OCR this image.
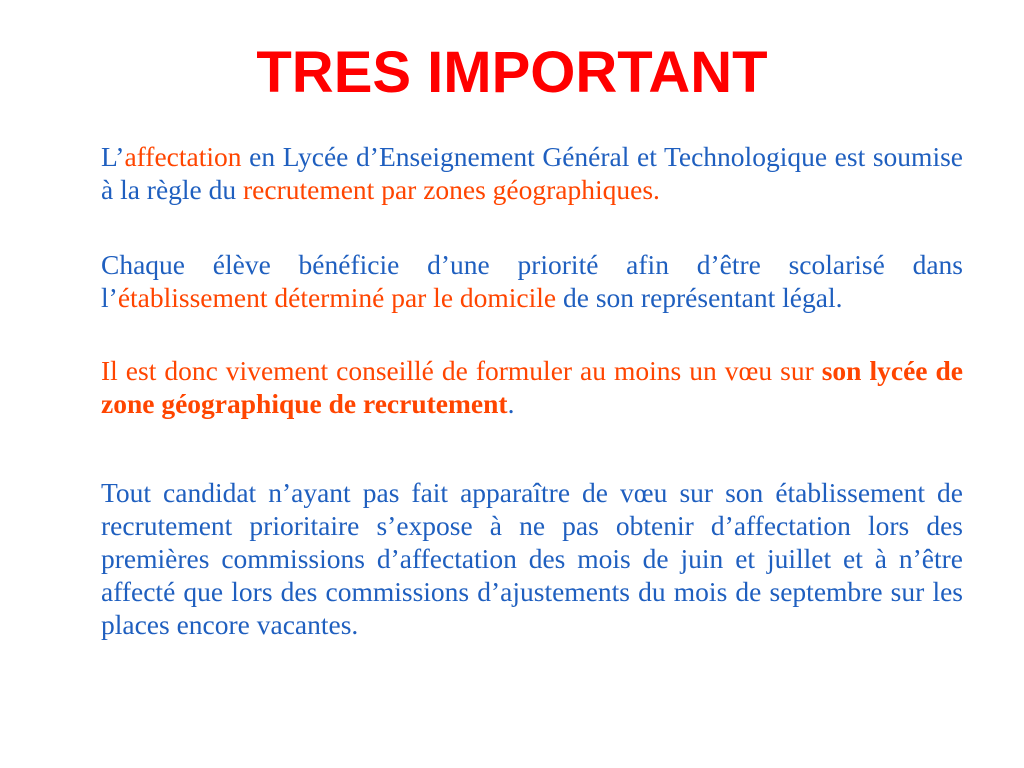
TRES IMPORTANT

L’affectation en Lycée d’Enseignement Général et Technologique est soumise à la règle du recrutement par zones géographiques.

Chaque élève bénéficie d’une priorité afin d’être scolarisé dans l’établissement déterminé par le domicile de son représentant légal.

Il est donc vivement conseillé de formuler au moins un vœu sur son lycée de zone géographique de recrutement.

Tout candidat n’ayant pas fait apparaître de vœu sur son établissement de recrutement prioritaire s’expose à ne pas obtenir d’affectation lors des premières commissions d’affectation des mois de juin et juillet et à n’être affecté que lors des commissions d’ajustements du mois de septembre sur les places encore vacantes.
